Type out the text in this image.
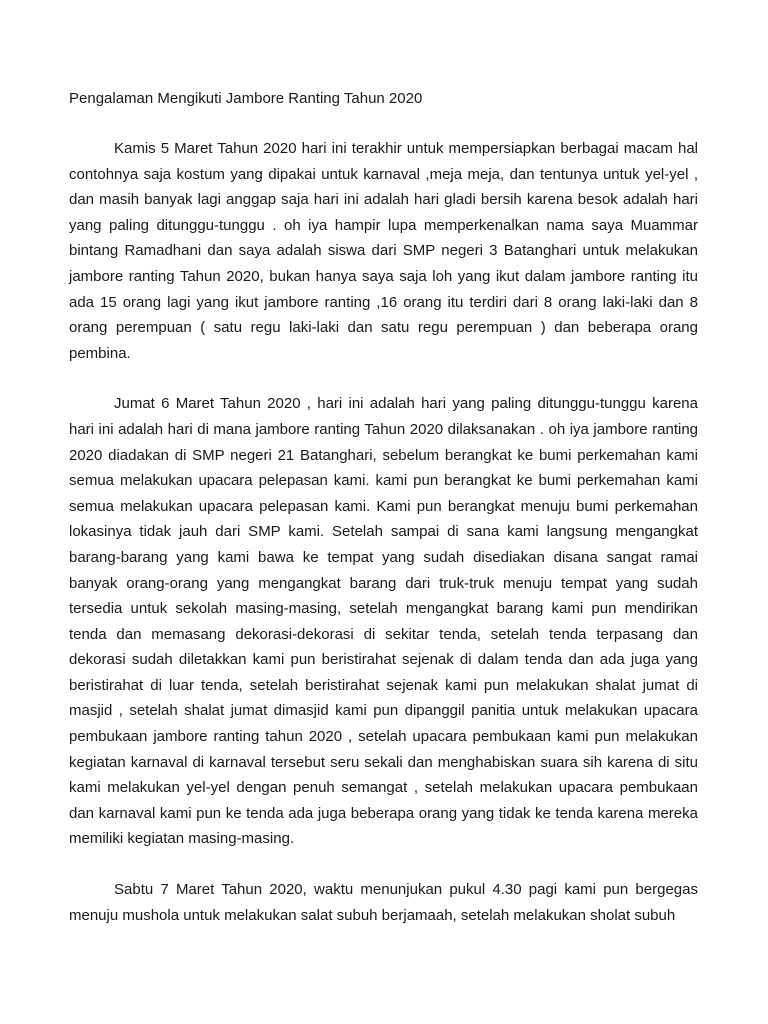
Pengalaman Mengikuti Jambore Ranting Tahun 2020

Kamis 5 Maret Tahun 2020 hari ini terakhir untuk mempersiapkan berbagai macam hal contohnya saja kostum yang dipakai untuk karnaval ,meja meja, dan tentunya untuk yel-yel , dan masih banyak lagi anggap saja hari ini adalah hari gladi bersih karena besok adalah hari yang paling ditunggu-tunggu . oh iya hampir lupa memperkenalkan nama saya Muammar bintang Ramadhani dan saya adalah siswa dari SMP negeri 3 Batanghari untuk melakukan jambore ranting Tahun 2020, bukan hanya saya saja loh yang ikut dalam jambore ranting itu ada 15 orang lagi yang ikut jambore ranting ,16 orang itu terdiri dari 8 orang laki-laki dan 8 orang perempuan ( satu regu laki-laki dan satu regu perempuan ) dan beberapa orang pembina.

Jumat 6 Maret Tahun 2020 , hari ini adalah hari yang paling ditunggu-tunggu karena hari ini adalah hari di mana jambore ranting Tahun 2020 dilaksanakan . oh iya jambore ranting 2020 diadakan di SMP negeri 21 Batanghari, sebelum berangkat ke bumi perkemahan kami semua melakukan upacara pelepasan kami. kami pun berangkat ke bumi perkemahan kami semua melakukan upacara pelepasan kami. Kami pun berangkat menuju bumi perkemahan lokasinya tidak jauh dari SMP kami. Setelah sampai di sana kami langsung mengangkat barang-barang yang kami bawa ke tempat yang sudah disediakan disana sangat ramai banyak orang-orang yang mengangkat barang dari truk-truk menuju tempat yang sudah tersedia untuk sekolah masing-masing, setelah mengangkat barang kami pun mendirikan tenda dan memasang dekorasi-dekorasi di sekitar tenda, setelah tenda terpasang dan dekorasi sudah diletakkan kami pun beristirahat sejenak di dalam tenda dan ada juga yang beristirahat di luar tenda, setelah beristirahat sejenak kami pun melakukan shalat jumat di masjid , setelah shalat jumat dimasjid kami pun dipanggil panitia untuk melakukan upacara pembukaan jambore ranting tahun 2020 , setelah upacara pembukaan kami pun melakukan kegiatan karnaval di karnaval tersebut seru sekali dan menghabiskan suara sih karena di situ kami melakukan yel-yel dengan penuh semangat , setelah melakukan upacara pembukaan dan karnaval kami pun ke tenda ada juga beberapa orang yang tidak ke tenda karena mereka memiliki kegiatan masing-masing.

Sabtu 7 Maret Tahun 2020, waktu menunjukan pukul 4.30 pagi kami pun bergegas menuju mushola untuk melakukan salat subuh berjamaah, setelah melakukan sholat subuh
